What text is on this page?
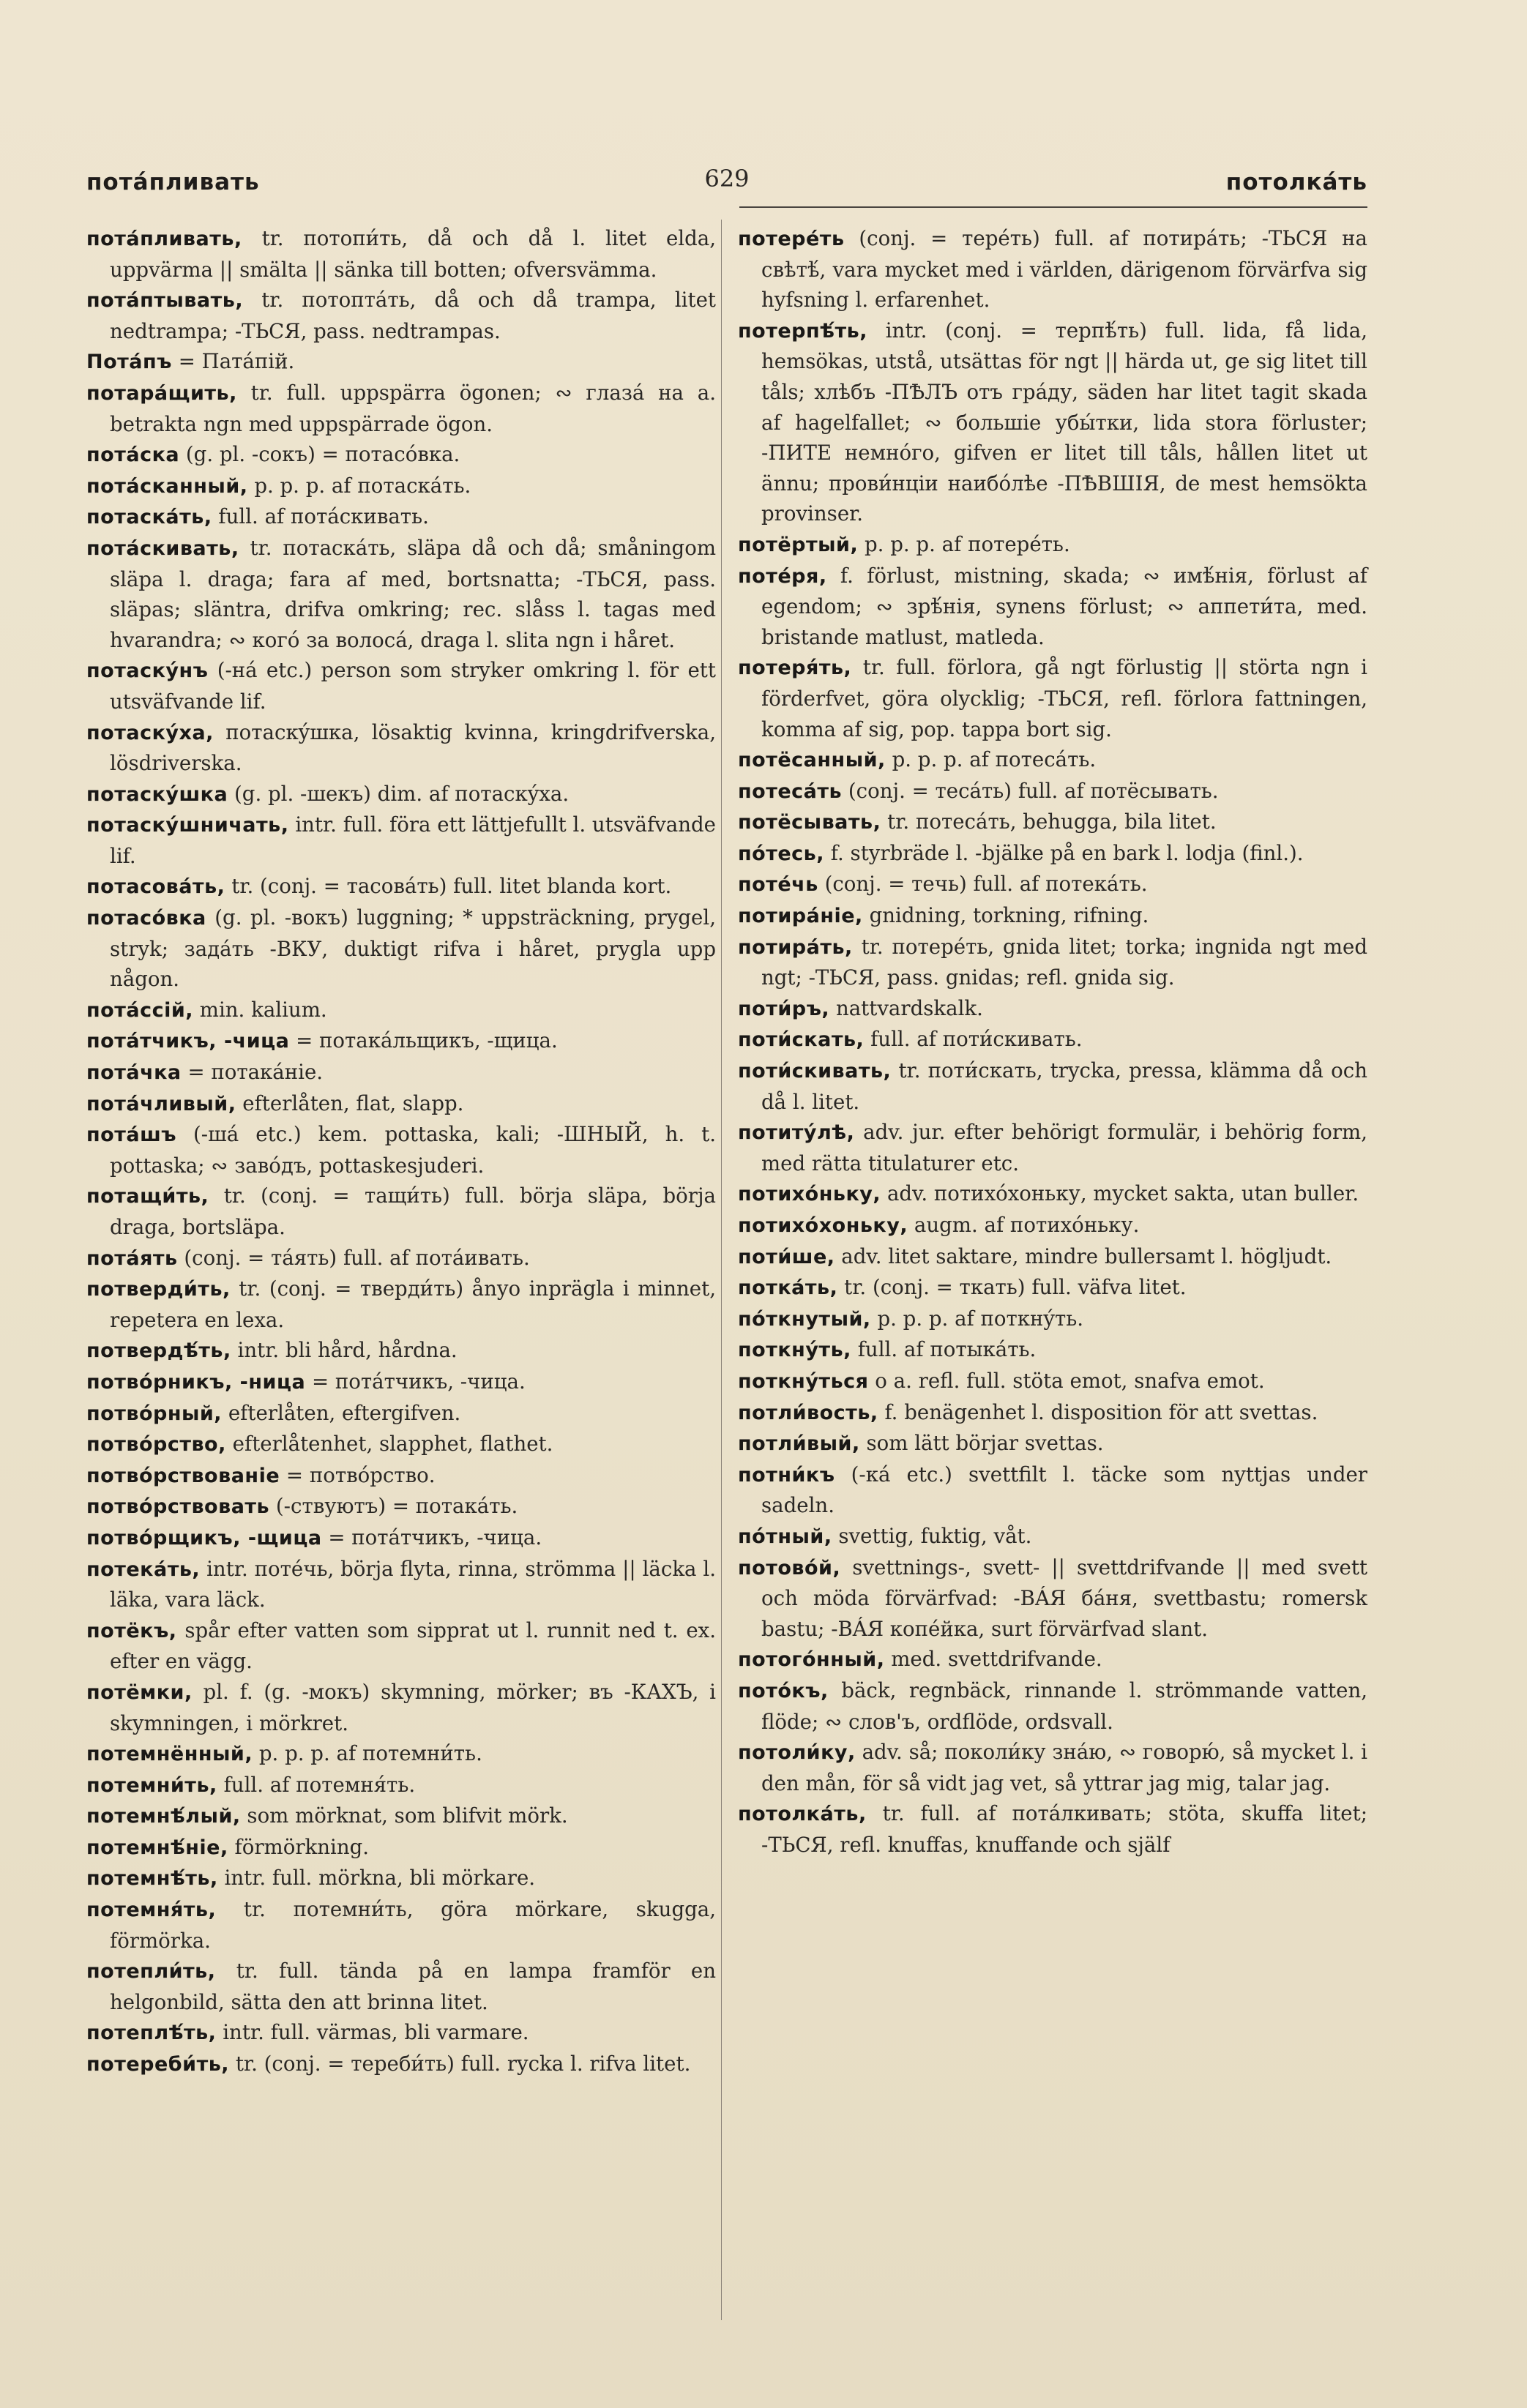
потáпливать	629	потолкáть

потáпливать, tr. потопи́ть, då och då l. litet elda, uppvärma || smälta || sänka till botten; ofversvämma.

потáптывать, tr. потоптáть, då och då trampa, litet nedtrampa; -ТЬСЯ, pass. nedtrampas.

Потáпъ = Патáпiй.

потарáщить, tr. full. uppspärra ögonen; ∾ глазá на a. betrakta ngn med uppspärrade ögon.

потáска (g. pl. -сокъ) = потасо́вка.

потáсканный, p. p. p. af потаскáть.

потаскáть, full. af потáскивать.

потáскивать, tr. потаскáть, släpa då och då; småningom släpa l. draga; fara af med, bortsnatta; -ТЬСЯ, pass. släpas; släntra, drifva omkring; rec. slåss l. tagas med hvarandra; ∾ кого́ за волосá, draga l. slita ngn i håret.

потаскýнъ (-нá etc.) person som stryker omkring l. för ett utsväfvande lif.

потаскýха, потаскýшка, lösaktig kvinna, kringdrifverska, lösdriverska.

потаскýшка (g. pl. -шекъ) dim. af потаскýха.

потаскýшничать, intr. full. föra ett lättjefullt l. utsväfvande lif.

потасовáть, tr. (conj. = тасовáть) full. litet blanda kort.

потасо́вка (g. pl. -вокъ) luggning; * uppsträckning, prygel, stryk; задáть -ВКУ, duktigt rifva i håret, prygla upp någon.

потáссiй, min. kalium.

потáтчикъ, -чица = потакáльщикъ, -щица.

потáчка = потакáнiе.

потáчливый, efterlåten, flat, slapp.

потáшъ (-шá etc.) kem. pottaska, kali; -ШНЫЙ, h. t. pottaska; ∾ заво́дъ, pottaskesjuderi.

потащи́ть, tr. (conj. = тащи́ть) full. börja släpa, börja draga, bortsläpa.

потáять (conj. = тáять) full. af потáивать.

потверди́ть, tr. (conj. = тверди́ть) ånyo inprägla i minnet, repetera en lexa.

потвердѣ́ть, intr. bli hård, hårdna.

потво́рникъ, -ница = потáтчикъ, -чица.

потво́рный, efterlåten, eftergifven.

потво́рство, efterlåtenhet, slapphet, flathet.

потво́рствованiе = потво́рство.

потво́рствовать (-ствуютъ) = потакáть.

потво́рщикъ, -щица = потáтчикъ, -чица.

потекáть, intr. потéчь, börja flyta, rinna, strömma || läcka l. läka, vara läck.

потёкъ, spår efter vatten som sipprat ut l. runnit ned t. ex. efter en vägg.

потёмки, pl. f. (g. -мокъ) skymning, mörker; въ -КАХЪ, i skymningen, i mörkret.

потемнённый, p. p. p. af потемни́ть.

потемни́ть, full. af потемня́ть.

потемнѣ́лый, som mörknat, som blifvit mörk.

потемнѣ́нiе, förmörkning.

потемнѣ́ть, intr. full. mörkna, bli mörkare.

потемня́ть, tr. потемни́ть, göra mörkare, skugga, förmörka.

потепли́ть, tr. full. tända på en lampa framför en helgonbild, sätta den att brinna litet.

потеплѣ́ть, intr. full. värmas, bli varmare.

потереби́ть, tr. (conj. = тереби́ть) full. rycka l. rifva litet.

потерéть (conj. = терéть) full. af потирáть; -ТЬСЯ на свѣтѣ́, vara mycket med i världen, därigenom förvärfva sig hyfsning l. erfarenhet.

потерпѣ́ть, intr. (conj. = терпѣ́ть) full. lida, få lida, hemsökas, utstå, utsättas för ngt || härda ut, ge sig litet till tåls; хлѣбъ -ПѢЛЪ отъ грáду, säden har litet tagit skada af hagelfallet; ∾ большiе убы́тки, lida stora förluster; -ПИТЕ немно́го, gifven er litet till tåls, hållen litet ut ännu; прови́нцiи наибо́лѣе -ПѢВШIЯ, de mest hemsökta provinser.

потёртый, p. p. p. af потерéть.

потéря, f. förlust, mistning, skada; ∾ имѣ́нiя, förlust af egendom; ∾ зрѣ́нiя, synens förlust; ∾ аппети́та, med. bristande matlust, matleda.

потеря́ть, tr. full. förlora, gå ngt förlustig || störta ngn i förderfvet, göra olycklig; -ТЬСЯ, refl. förlora fattningen, komma af sig, pop. tappa bort sig.

потёсанный, p. p. p. af потесáть.

потесáть (conj. = тесáть) full. af потёсывать.

потёсывать, tr. потесáть, behugga, bila litet.

по́тесь, f. styrbräde l. -bjälke på en bark l. lodja (finl.).

потéчь (conj. = течь) full. af потекáть.

потирáнiе, gnidning, torkning, rifning.

потирáть, tr. потерéть, gnida litet; torka; ingnida ngt med ngt; -ТЬСЯ, pass. gnidas; refl. gnida sig.

поти́ръ, nattvardskalk.

поти́скать, full. af поти́скивать.

поти́скивать, tr. поти́скать, trycka, pressa, klämma då och då l. litet.

потитýлѣ, adv. jur. efter behörigt formulär, i behörig form, med rätta titulaturer etc.

потихо́ньку, adv. потихо́хоньку, mycket sakta, utan buller.

потихо́хоньку, augm. af потихо́ньку.

поти́ше, adv. litet saktare, mindre bullersamt l. högljudt.

поткáть, tr. (conj. = ткать) full. väfva litet.

по́ткнутый, p. p. p. af поткнýть.

поткнýть, full. af потыкáть.

поткнýться о a. refl. full. stöta emot, snafva emot.

потли́вость, f. benägenhet l. disposition för att svettas.

потли́вый, som lätt börjar svettas.

потни́къ (-кá etc.) svettfilt l. täcke som nyttjas under sadeln.

по́тный, svettig, fuktig, våt.

потово́й, svettnings-, svett- || svettdrifvande || med svett och möda förvärfvad: -ВÁЯ бáня, svettbastu; romersk bastu; -ВÁЯ копéйка, surt förvärfvad slant.

потого́нный, med. svettdrifvande.

пото́къ, bäck, regnbäck, rinnande l. strömmande vatten, flöde; ∾ слов'ъ, ordflöde, ordsvall.

потоли́ку, adv. så; поколи́ку знáю, ∾ говорю́, så mycket l. i den mån, för så vidt jag vet, så yttrar jag mig, talar jag.

потолкáть, tr. full. af потáлкивать; stöta, skuffa litet; -ТЬСЯ, refl. knuffas, knuffande och själf
